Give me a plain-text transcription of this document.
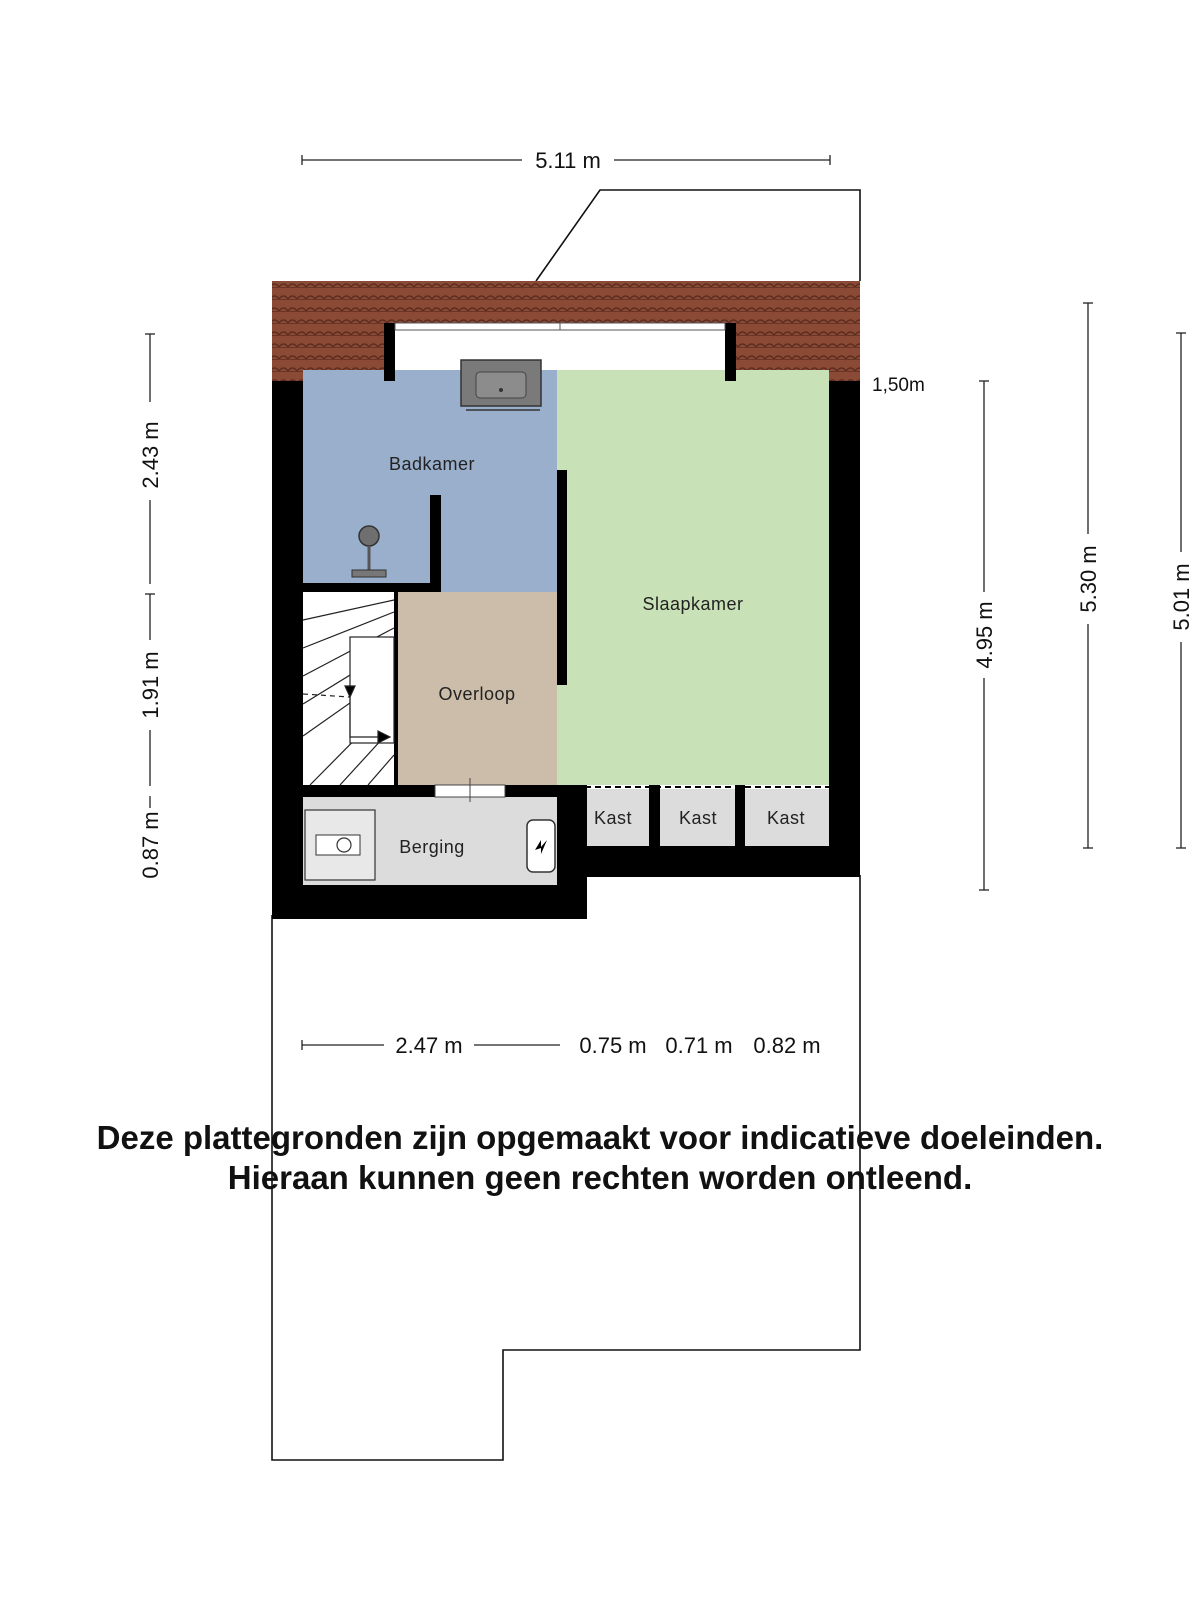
Badkamer
Slaapkamer
Overloop
Berging
Kast	Kast	Kast
5.11 m
1,50m
2.43 m
1.91 m
0.87 m
4.95 m
5.30 m	5.01 m
2.47 m	0.75 m 0.71 m 0.82 m
Deze plattegronden zijn opgemaakt voor indicatieve doeleinden.
Hieraan kunnen geen rechten worden ontleend.
